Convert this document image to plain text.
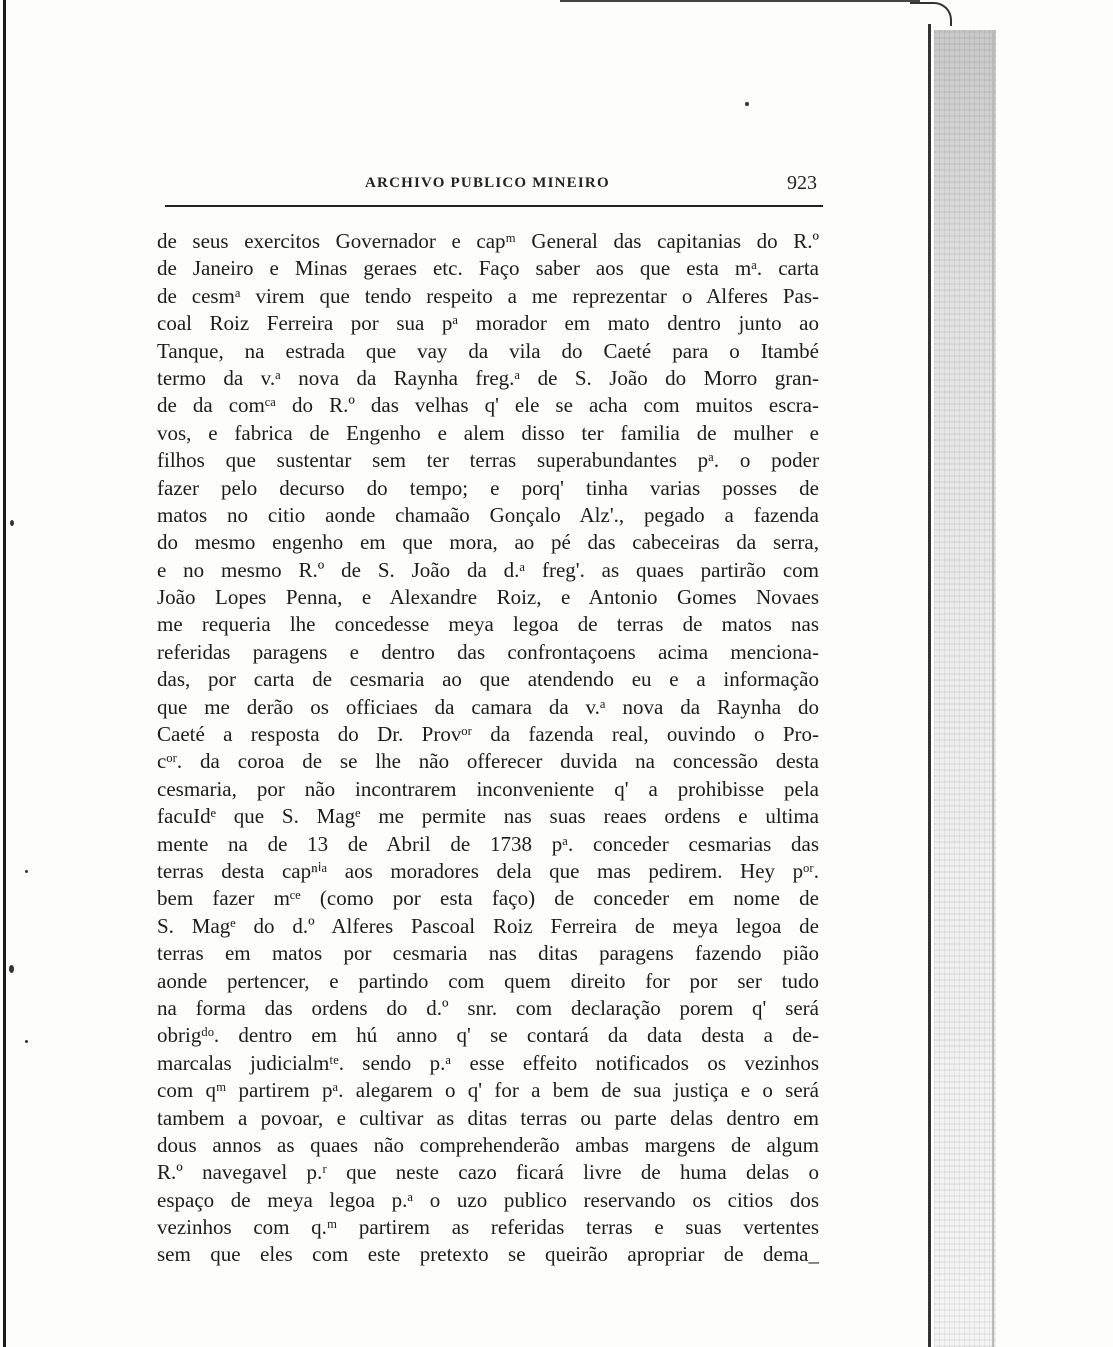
ARCHIVO PUBLICO MINEIRO	923
de seus exercitos Governador e capᵐ General das capitanias do R.º
de Janeiro e Minas geraes etc. Faço saber aos que esta mᵃ. carta
de cesmᵃ virem que tendo respeito a me reprezentar o Alferes Pas-
coal Roiz Ferreira por sua pᵃ morador em mato dentro junto ao
Tanque, na estrada que vay da vila do Caeté para o Itambé
termo da v.ᵃ nova da Raynha freg.ᵃ de S. João do Morro gran-
de da comᶜᵃ do R.º das velhas q' ele se acha com muitos escra-
vos, e fabrica de Engenho e alem disso ter familia de mulher e
filhos que sustentar sem ter terras superabundantes pᵃ. o poder
fazer pelo decurso do tempo; e porq' tinha varias posses de
matos no citio aonde chamaão Gonçalo Alz'., pegado a fazenda
do mesmo engenho em que mora, ao pé das cabeceiras da serra,
e no mesmo R.º de S. João da d.ᵃ freg'. as quaes partirão com
João Lopes Penna, e Alexandre Roiz, e Antonio Gomes Novaes
me requeria lhe concedesse meya legoa de terras de matos nas
referidas paragens e dentro das confrontaçoens acima menciona-
das, por carta de cesmaria ao que atendendo eu e a informação
que me derão os officiaes da camara da v.ᵃ nova da Raynha do
Caeté a resposta do Dr. Provᵒʳ da fazenda real, ouvindo o Pro-
cᵒʳ. da coroa de se lhe não offerecer duvida na concessão desta
cesmaria, por não incontrarem inconveniente q' a prohibisse pela
facuIdᵉ que S. Magᵉ me permite nas suas reaes ordens e ultima
mente na de 13 de Abril de 1738 pᵃ. conceder cesmarias das
terras desta capⁿⁱᵃ aos moradores dela que mas pedirem. Hey pᵒʳ.
bem fazer mᶜᵉ (como por esta faço) de conceder em nome de
S. Magᵉ do d.º Alferes Pascoal Roiz Ferreira de meya legoa de
terras em matos por cesmaria nas ditas paragens fazendo pião
aonde pertencer, e partindo com quem direito for por ser tudo
na forma das ordens do d.º snr. com declaração porem q' será
obrigᵈᵒ. dentro em hú anno q' se contará da data desta a de-
marcalas judicialmᵗᵉ. sendo p.ᵃ esse effeito notificados os vezinhos
com qᵐ partirem pᵃ. alegarem o q' for a bem de sua justiça e o será
tambem a povoar, e cultivar as ditas terras ou parte delas dentro em
dous annos as quaes não comprehenderão ambas margens de algum
R.º navegavel p.ʳ que neste cazo ficará livre de huma delas o
espaço de meya legoa p.ᵃ o uzo publico reservando os citios dos
vezinhos com q.ᵐ partirem as referidas terras e suas vertentes
sem que eles com este pretexto se queirão apropriar de dema_
